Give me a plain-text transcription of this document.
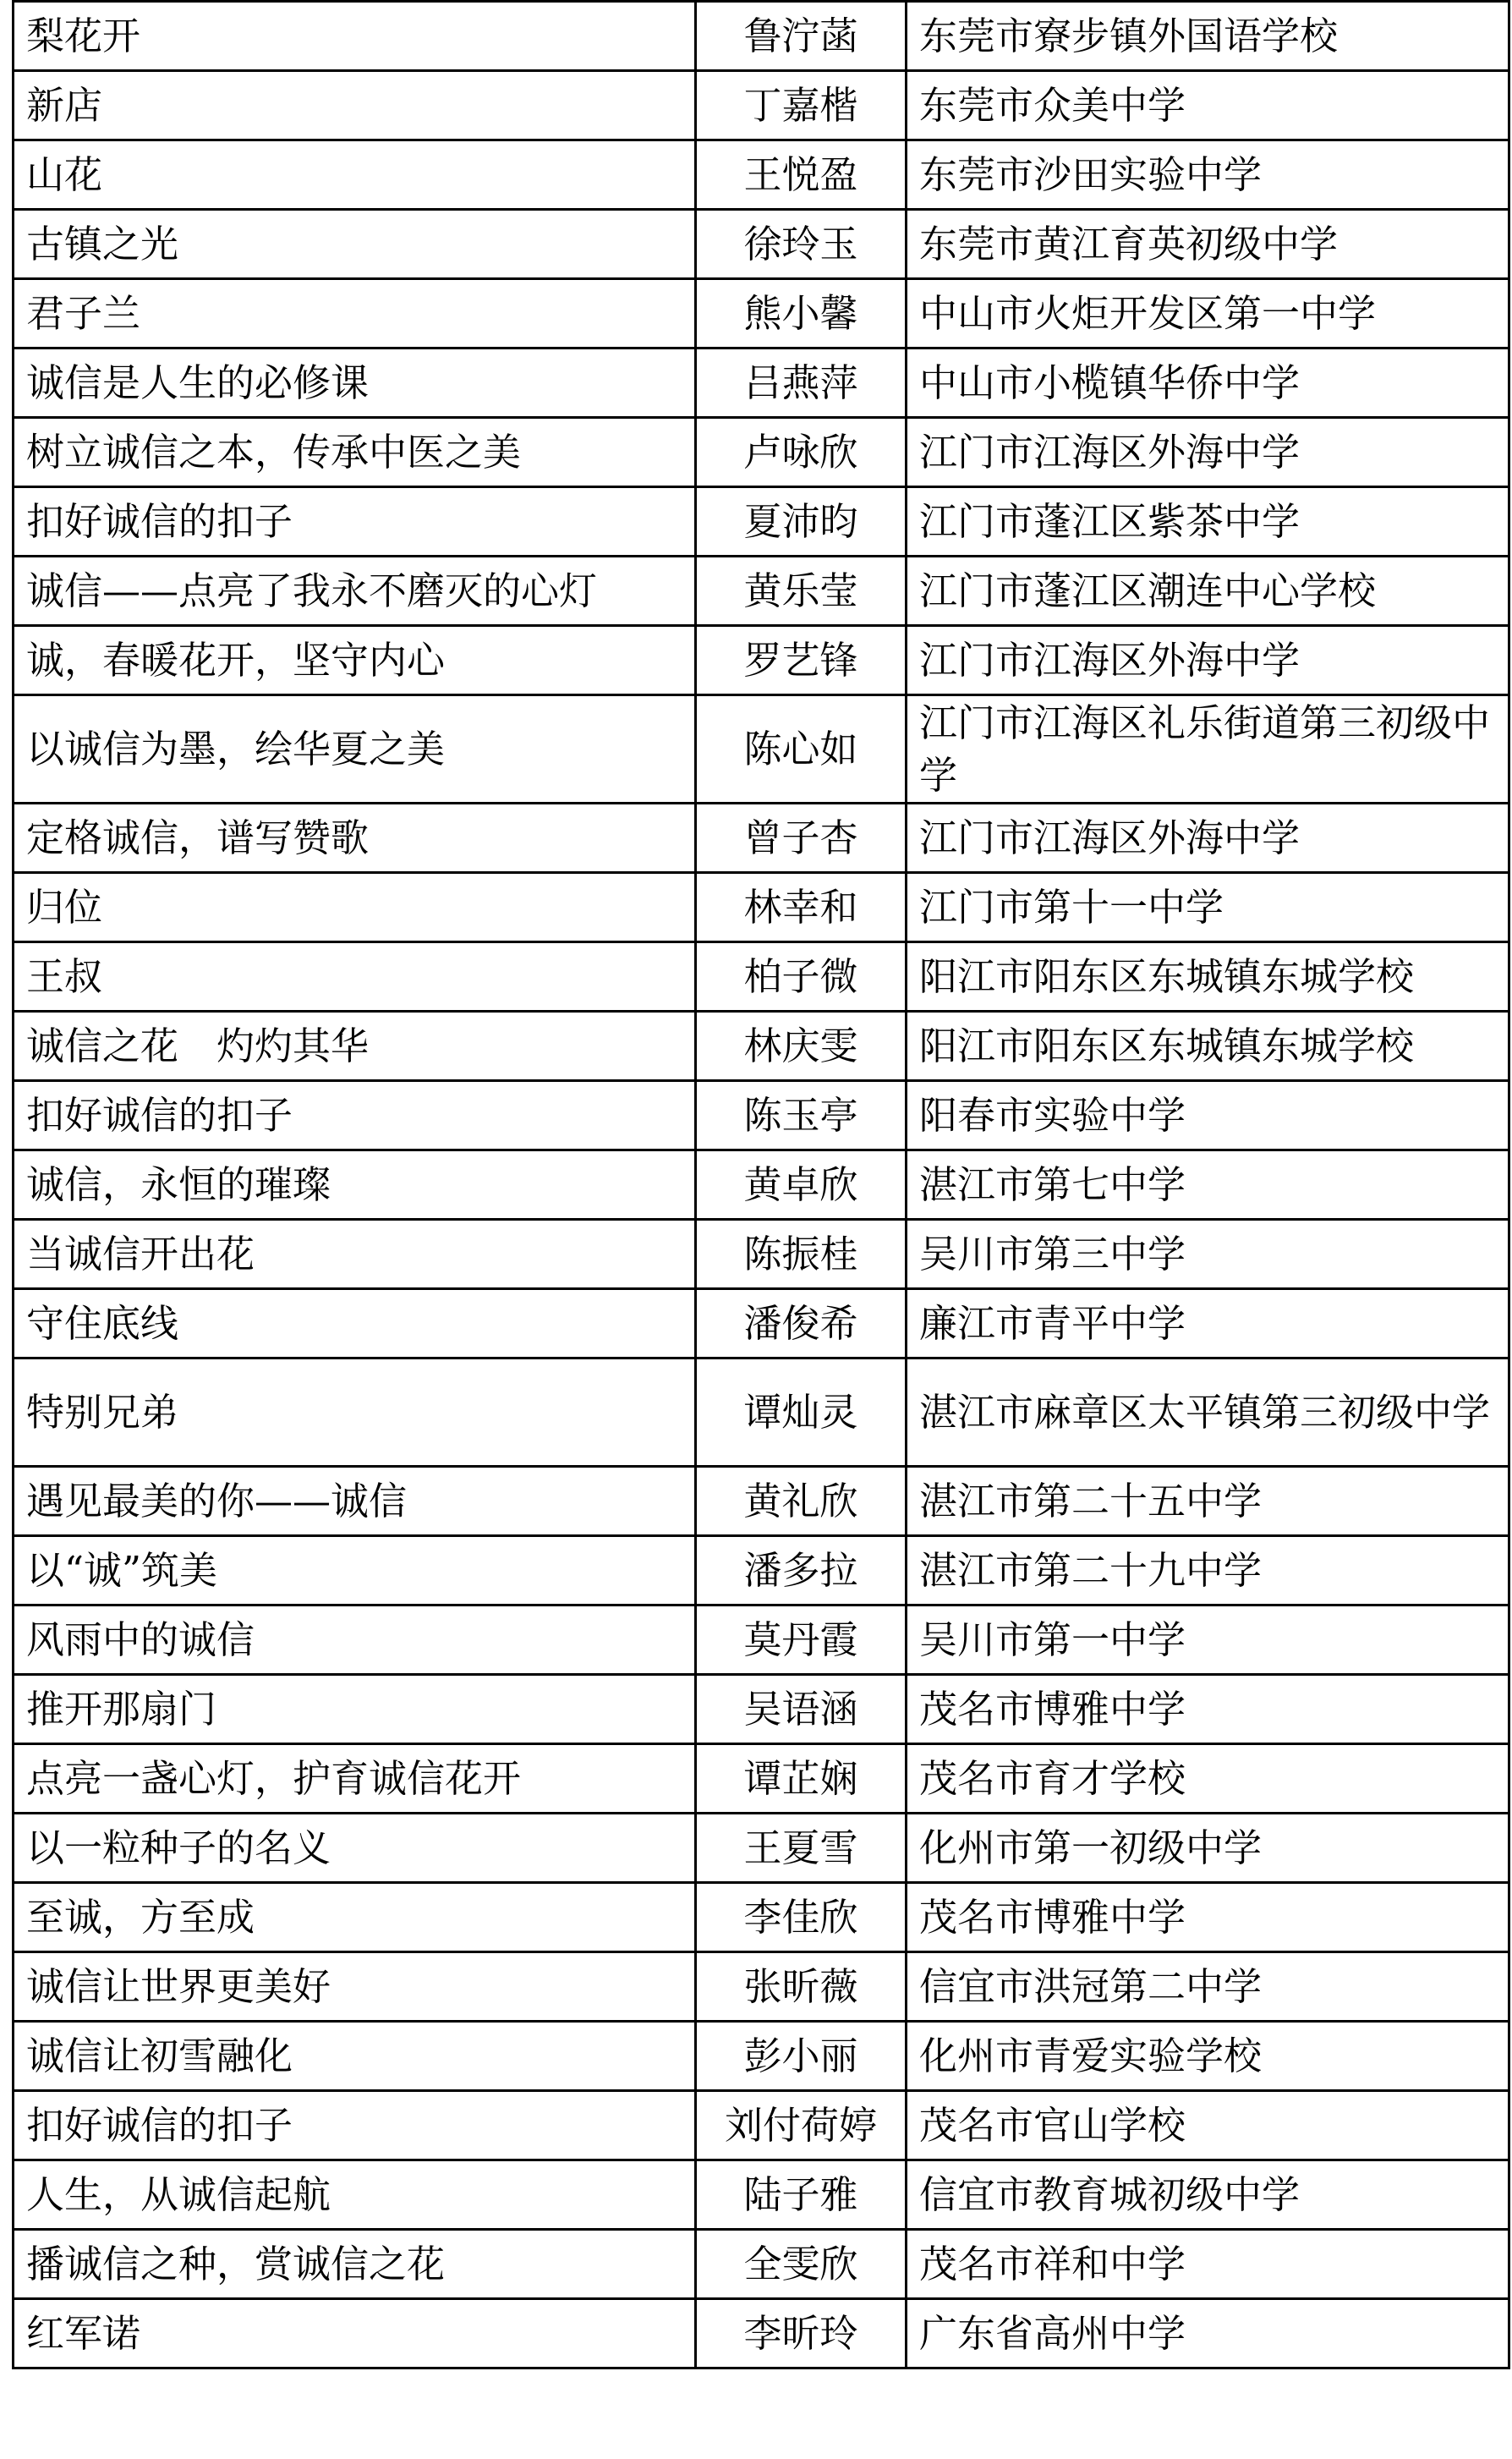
梨花开	鲁泞菡	东莞市寮步镇外国语学校
新店	丁嘉楷	东莞市众美中学
山花	王悦盈	东莞市沙田实验中学
古镇之光	徐玲玉	东莞市黄江育英初级中学
君子兰	熊小馨	中山市火炬开发区第一中学
诚信是人生的必修课	吕燕萍	中山市小榄镇华侨中学
树立诚信之本，传承中医之美	卢咏欣	江门市江海区外海中学
扣好诚信的扣子	夏沛昀	江门市蓬江区紫茶中学
诚信——点亮了我永不磨灭的心灯	黄乐莹	江门市蓬江区潮连中心学校
诚，春暖花开，坚守内心	罗艺锋	江门市江海区外海中学
以诚信为墨，绘华夏之美	陈心如	江门市江海区礼乐街道第三初级中学
定格诚信，谱写赞歌	曾子杏	江门市江海区外海中学
归位	林幸和	江门市第十一中学
王叔	柏子微	阳江市阳东区东城镇东城学校
诚信之花　灼灼其华	林庆雯	阳江市阳东区东城镇东城学校
扣好诚信的扣子	陈玉亭	阳春市实验中学
诚信，永恒的璀璨	黄卓欣	湛江市第七中学
当诚信开出花	陈振桂	吴川市第三中学
守住底线	潘俊希	廉江市青平中学
特别兄弟	谭灿灵	湛江市麻章区太平镇第三初级中学
遇见最美的你——诚信	黄礼欣	湛江市第二十五中学
以“诚”筑美	潘多拉	湛江市第二十九中学
风雨中的诚信	莫丹霞	吴川市第一中学
推开那扇门	吴语涵	茂名市博雅中学
点亮一盏心灯，护育诚信花开	谭芷娴	茂名市育才学校
以一粒种子的名义	王夏雪	化州市第一初级中学
至诚，方至成	李佳欣	茂名市博雅中学
诚信让世界更美好	张昕薇	信宜市洪冠第二中学
诚信让初雪融化	彭小丽	化州市青爱实验学校
扣好诚信的扣子	刘付荷婷	茂名市官山学校
人生，从诚信起航	陆子雅	信宜市教育城初级中学
播诚信之种，赏诚信之花	全雯欣	茂名市祥和中学
红军诺	李昕玲	广东省高州中学
